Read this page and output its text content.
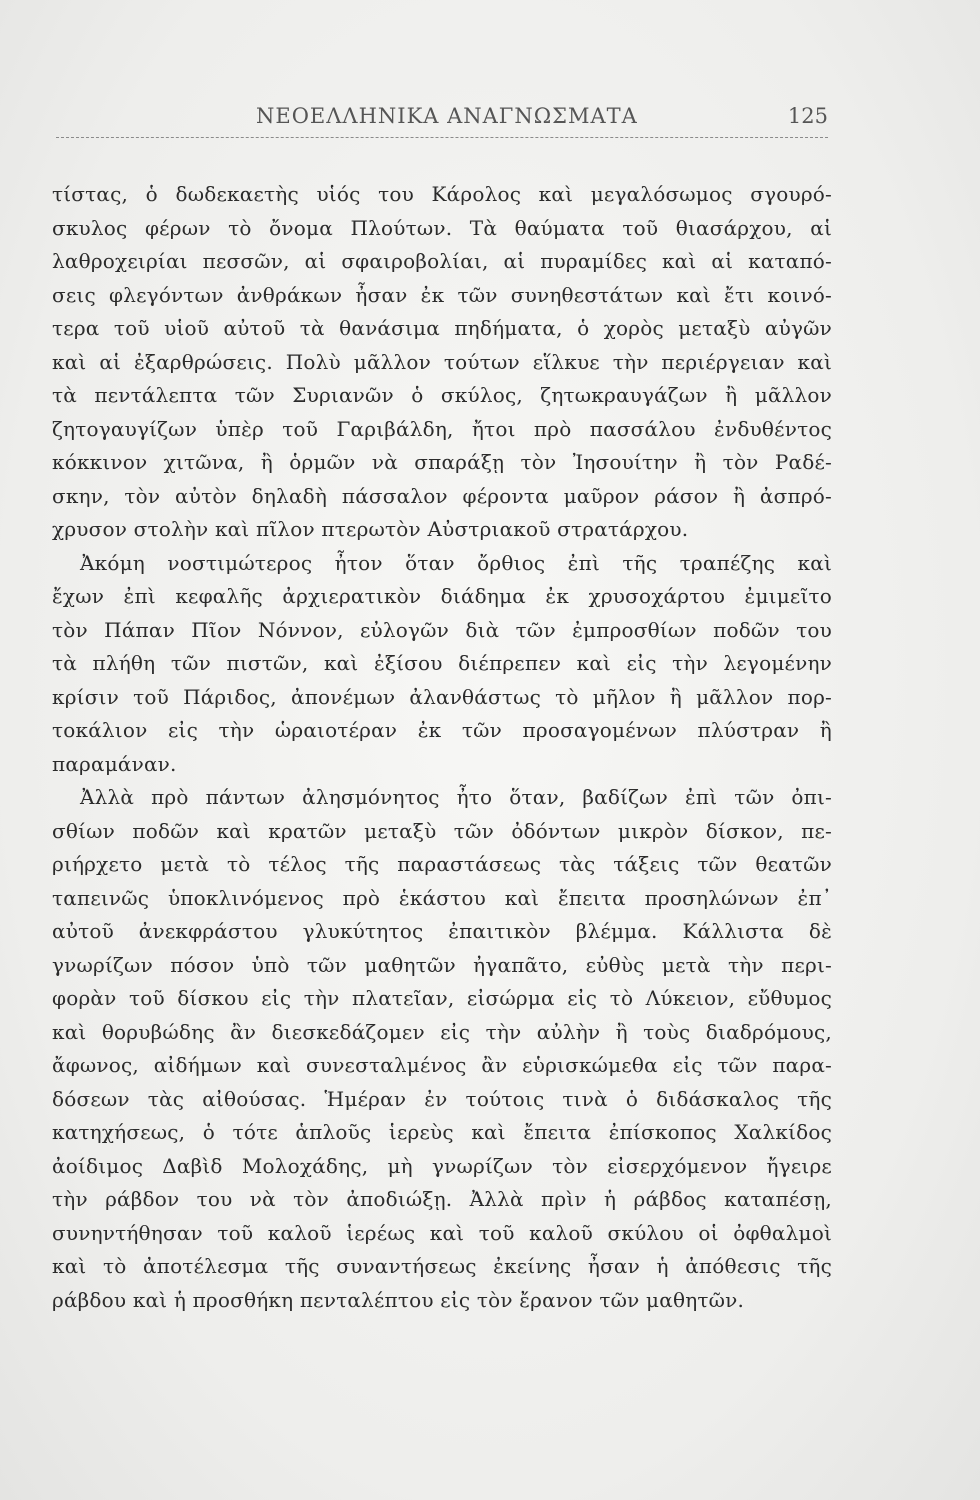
ΝΕΟΕΛΛΗΝΙΚΑ ΑΝΑΓΝΩΣΜΑΤΑ	125
τίστας, ὁ δωδεκαετὴς υἱός του Κάρολος καὶ μεγαλόσωμος σγουρό-
σκυλος φέρων τὸ ὄνομα Πλούτων. Τὰ θαύματα τοῦ θιασάρχου, αἱ
λαθροχειρίαι πεσσῶν, αἱ σφαιροβολίαι, αἱ πυραμίδες καὶ αἱ καταπό-
σεις φλεγόντων ἀνθράκων ἦσαν ἐκ τῶν συνηθεστάτων καὶ ἔτι κοινό-
τερα τοῦ υἱοῦ αὐτοῦ τὰ θανάσιμα πηδήματα, ὁ χορὸς μεταξὺ αὐγῶν
καὶ αἱ ἐξαρθρώσεις. Πολὺ μᾶλλον τούτων εἵλκυε τὴν περιέργειαν καὶ
τὰ πεντάλεπτα τῶν Συριανῶν ὁ σκύλος, ζητωκραυγάζων ἢ μᾶλλον
ζητογαυγίζων ὑπὲρ τοῦ Γαριβάλδη, ἤτοι πρὸ πασσάλου ἐνδυθέντος
κόκκινον χιτῶνα, ἢ ὁρμῶν νὰ σπαράξῃ τὸν Ἰησουίτην ἢ τὸν Ραδέ-
σκην, τὸν αὐτὸν δηλαδὴ πάσσαλον φέροντα μαῦρον ράσον ἢ ἀσπρό-
χρυσον στολὴν καὶ πῖλον πτερωτὸν Αὐστριακοῦ στρατάρχου.
Ἀκόμη νοστιμώτερος ἦτον ὅταν ὄρθιος ἐπὶ τῆς τραπέζης καὶ
ἔχων ἐπὶ κεφαλῆς ἀρχιερατικὸν διάδημα ἐκ χρυσοχάρτου ἐμιμεῖτο
τὸν Πάπαν Πῖον Νόννον, εὐλογῶν διὰ τῶν ἐμπροσθίων ποδῶν του
τὰ πλήθη τῶν πιστῶν, καὶ ἐξίσου διέπρεπεν καὶ εἰς τὴν λεγομένην
κρίσιν τοῦ Πάριδος, ἀπονέμων ἀλανθάστως τὸ μῆλον ἢ μᾶλλον πορ-
τοκάλιον εἰς τὴν ὡραιοτέραν ἐκ τῶν προσαγομένων πλύστραν ἢ
παραμάναν.
Ἀλλὰ πρὸ πάντων ἀλησμόνητος ἦτο ὅταν, βαδίζων ἐπὶ τῶν ὀπι-
σθίων ποδῶν καὶ κρατῶν μεταξὺ τῶν ὀδόντων μικρὸν δίσκον, πε-
ριήρχετο μετὰ τὸ τέλος τῆς παραστάσεως τὰς τάξεις τῶν θεατῶν
ταπεινῶς ὑποκλινόμενος πρὸ ἑκάστου καὶ ἔπειτα προσηλώνων ἐπ᾽
αὐτοῦ ἀνεκφράστου γλυκύτητος ἐπαιτικὸν βλέμμα. Κάλλιστα δὲ
γνωρίζων πόσον ὑπὸ τῶν μαθητῶν ἠγαπᾶτο, εὐθὺς μετὰ τὴν περι-
φορὰν τοῦ δίσκου εἰς τὴν πλατεῖαν, εἰσώρμα εἰς τὸ Λύκειον, εὔθυμος
καὶ θορυβώδης ἂν διεσκεδάζομεν εἰς τὴν αὐλὴν ἢ τοὺς διαδρόμους,
ἄφωνος, αἰδήμων καὶ συνεσταλμένος ἂν εὑρισκώμεθα εἰς τῶν παρα-
δόσεων τὰς αἰθούσας. Ἡμέραν ἐν τούτοις τινὰ ὁ διδάσκαλος τῆς
κατηχήσεως, ὁ τότε ἁπλοῦς ἱερεὺς καὶ ἔπειτα ἐπίσκοπος Χαλκίδος
ἀοίδιμος Δαβὶδ Μολοχάδης, μὴ γνωρίζων τὸν εἰσερχόμενον ἤγειρε
τὴν ράβδον του νὰ τὸν ἀποδιώξῃ. Ἀλλὰ πρὶν ἡ ράβδος καταπέσῃ,
συνηντήθησαν τοῦ καλοῦ ἱερέως καὶ τοῦ καλοῦ σκύλου οἱ ὀφθαλμοὶ
καὶ τὸ ἀποτέλεσμα τῆς συναντήσεως ἐκείνης ἦσαν ἡ ἀπόθεσις τῆς
ράβδου καὶ ἡ προσθήκη πενταλέπτου εἰς τὸν ἔρανον τῶν μαθητῶν.
